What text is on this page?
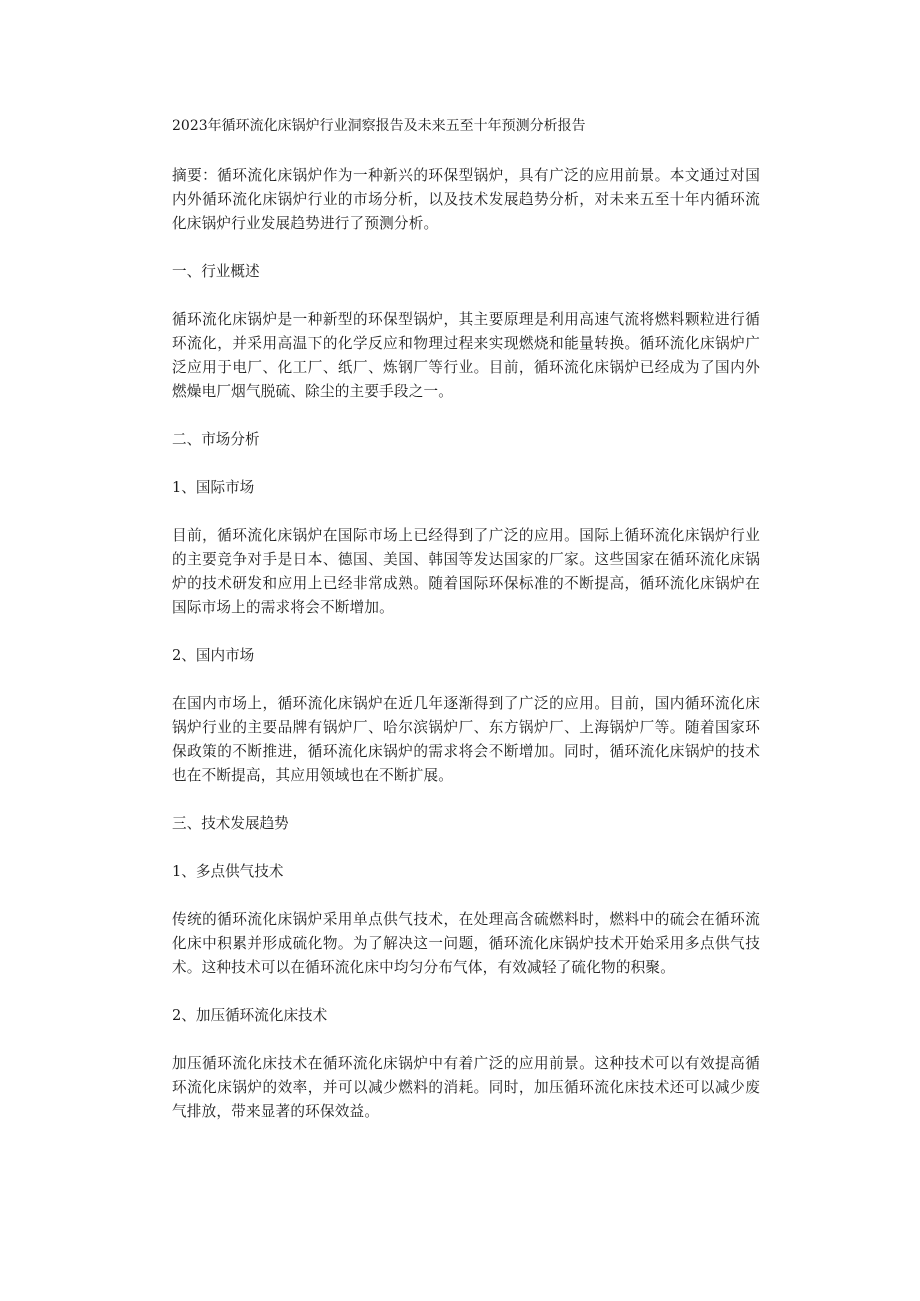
2023年循环流化床锅炉行业洞察报告及未来五至十年预测分析报告

摘要：循环流化床锅炉作为一种新兴的环保型锅炉，具有广泛的应用前景。本文通过对国内外循环流化床锅炉行业的市场分析，以及技术发展趋势分析，对未来五至十年内循环流化床锅炉行业发展趋势进行了预测分析。

一、行业概述

循环流化床锅炉是一种新型的环保型锅炉，其主要原理是利用高速气流将燃料颗粒进行循环流化，并采用高温下的化学反应和物理过程来实现燃烧和能量转换。循环流化床锅炉广泛应用于电厂、化工厂、纸厂、炼钢厂等行业。目前，循环流化床锅炉已经成为了国内外燃燥电厂烟气脱硫、除尘的主要手段之一。

二、市场分析
1、国际市场

目前，循环流化床锅炉在国际市场上已经得到了广泛的应用。国际上循环流化床锅炉行业的主要竞争对手是日本、德国、美国、韩国等发达国家的厂家。这些国家在循环流化床锅炉的技术研发和应用上已经非常成熟。随着国际环保标准的不断提高，循环流化床锅炉在国际市场上的需求将会不断增加。

2、国内市场

在国内市场上，循环流化床锅炉在近几年逐渐得到了广泛的应用。目前，国内循环流化床锅炉行业的主要品牌有锅炉厂、哈尔滨锅炉厂、东方锅炉厂、上海锅炉厂等。随着国家环保政策的不断推进，循环流化床锅炉的需求将会不断增加。同时，循环流化床锅炉的技术也在不断提高，其应用领域也在不断扩展。

三、技术发展趋势
1、多点供气技术

传统的循环流化床锅炉采用单点供气技术，在处理高含硫燃料时，燃料中的硫会在循环流化床中积累并形成硫化物。为了解决这一问题，循环流化床锅炉技术开始采用多点供气技术。这种技术可以在循环流化床中均匀分布气体，有效减轻了硫化物的积聚。

2、加压循环流化床技术

加压循环流化床技术在循环流化床锅炉中有着广泛的应用前景。这种技术可以有效提高循环流化床锅炉的效率，并可以减少燃料的消耗。同时，加压循环流化床技术还可以减少废气排放，带来显著的环保效益。
